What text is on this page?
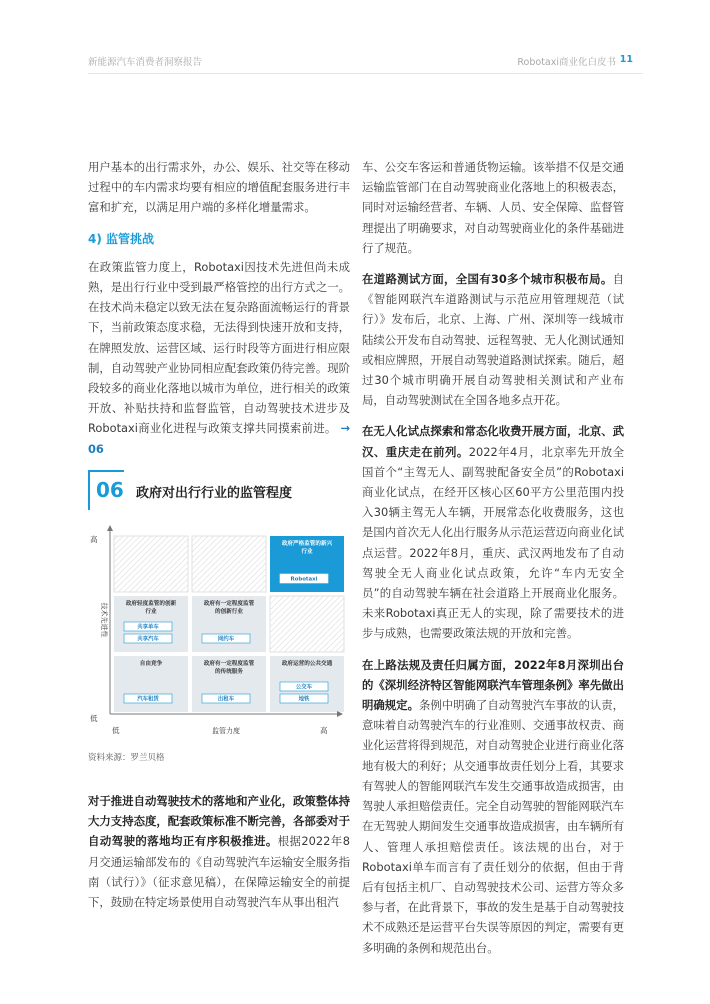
新能源汽车消费者洞察报告	Robotaxi商业化白皮书 11

用户基本的出行需求外，办公、娱乐、社交等在移动过程中的车内需求均要有相应的增值配套服务进行丰富和扩充，以满足用户端的多样化增量需求。

4) 监管挑战

在政策监管力度上，Robotaxi因技术先进但尚未成熟，是出行行业中受到最严格管控的出行方式之一。在技术尚未稳定以致无法在复杂路面流畅运行的背景下，当前政策态度求稳，无法得到快速开放和支持，在牌照发放、运营区域、运行时段等方面进行相应限制，自动驾驶产业协同相应配套政策仍待完善。现阶段较多的商业化落地以城市为单位，进行相关的政策开放、补贴扶持和监督监管，自动驾驶技术进步及Robotaxi商业化进程与政策支撑共同摸索前进。 → 06

06 政府对出行行业的监管程度
政府严格监管的新兴
行业
Robotaxi
政府轻度监管的创新
行业
共享单车
共享汽车
政府有一定程度监管
的创新行业
网约车
自由竞争
汽车租赁
政府有一定程度监管
的传统服务
出租车
政府运营的公共交通
公交车
地铁
高
低
低	高
监管力度
技术先进性
资料来源：罗兰贝格

对于推进自动驾驶技术的落地和产业化，政策整体持大力支持态度，配套政策标准不断完善，各部委对于自动驾驶的落地均正有序积极推进。根据2022年8月交通运输部发布的《自动驾驶汽车运输安全服务指南（试行）》（征求意见稿），在保障运输安全的前提下，鼓励在特定场景使用自动驾驶汽车从事出租汽

车、公交车客运和普通货物运输。该举措不仅是交通运输监管部门在自动驾驶商业化落地上的积极表态，同时对运输经营者、车辆、人员、安全保障、监督管理提出了明确要求，对自动驾驶商业化的条件基础进行了规范。

在道路测试方面，全国有30多个城市积极布局。自《智能网联汽车道路测试与示范应用管理规范（试行）》发布后，北京、上海、广州、深圳等一线城市陆续公开发布自动驾驶、远程驾驶、无人化测试通知或相应牌照，开展自动驾驶道路测试探索。随后，超过30个城市明确开展自动驾驶相关测试和产业布局，自动驾驶测试在全国各地多点开花。

在无人化试点探索和常态化收费开展方面，北京、武汉、重庆走在前列。2022年4月，北京率先开放全国首个“主驾无人、副驾驶配备安全员”的Robotaxi商业化试点，在经开区核心区60平方公里范围内投入30辆主驾无人车辆，开展常态化收费服务，这也是国内首次无人化出行服务从示范运营迈向商业化试点运营。2022年8月，重庆、武汉两地发布了自动驾驶全无人商业化试点政策，允许“车内无安全员”的自动驾驶车辆在社会道路上开展商业化服务。未来Robotaxi真正无人的实现，除了需要技术的进步与成熟，也需要政策法规的开放和完善。

在上路法规及责任归属方面，2022年8月深圳出台的《深圳经济特区智能网联汽车管理条例》率先做出明确规定。条例中明确了自动驾驶汽车事故的认责，意味着自动驾驶汽车的行业准则、交通事故权责、商业化运营将得到规范，对自动驾驶企业进行商业化落地有极大的利好；从交通事故责任划分上看，其要求有驾驶人的智能网联汽车发生交通事故造成损害，由驾驶人承担赔偿责任。完全自动驾驶的智能网联汽车在无驾驶人期间发生交通事故造成损害，由车辆所有人、管理人承担赔偿责任。该法规的出台，对于Robotaxi单车而言有了责任划分的依据，但由于背后有包括主机厂、自动驾驶技术公司、运营方等众多参与者，在此背景下，事故的发生是基于自动驾驶技术不成熟还是运营平台失误等原因的判定，需要有更多明确的条例和规范出台。
